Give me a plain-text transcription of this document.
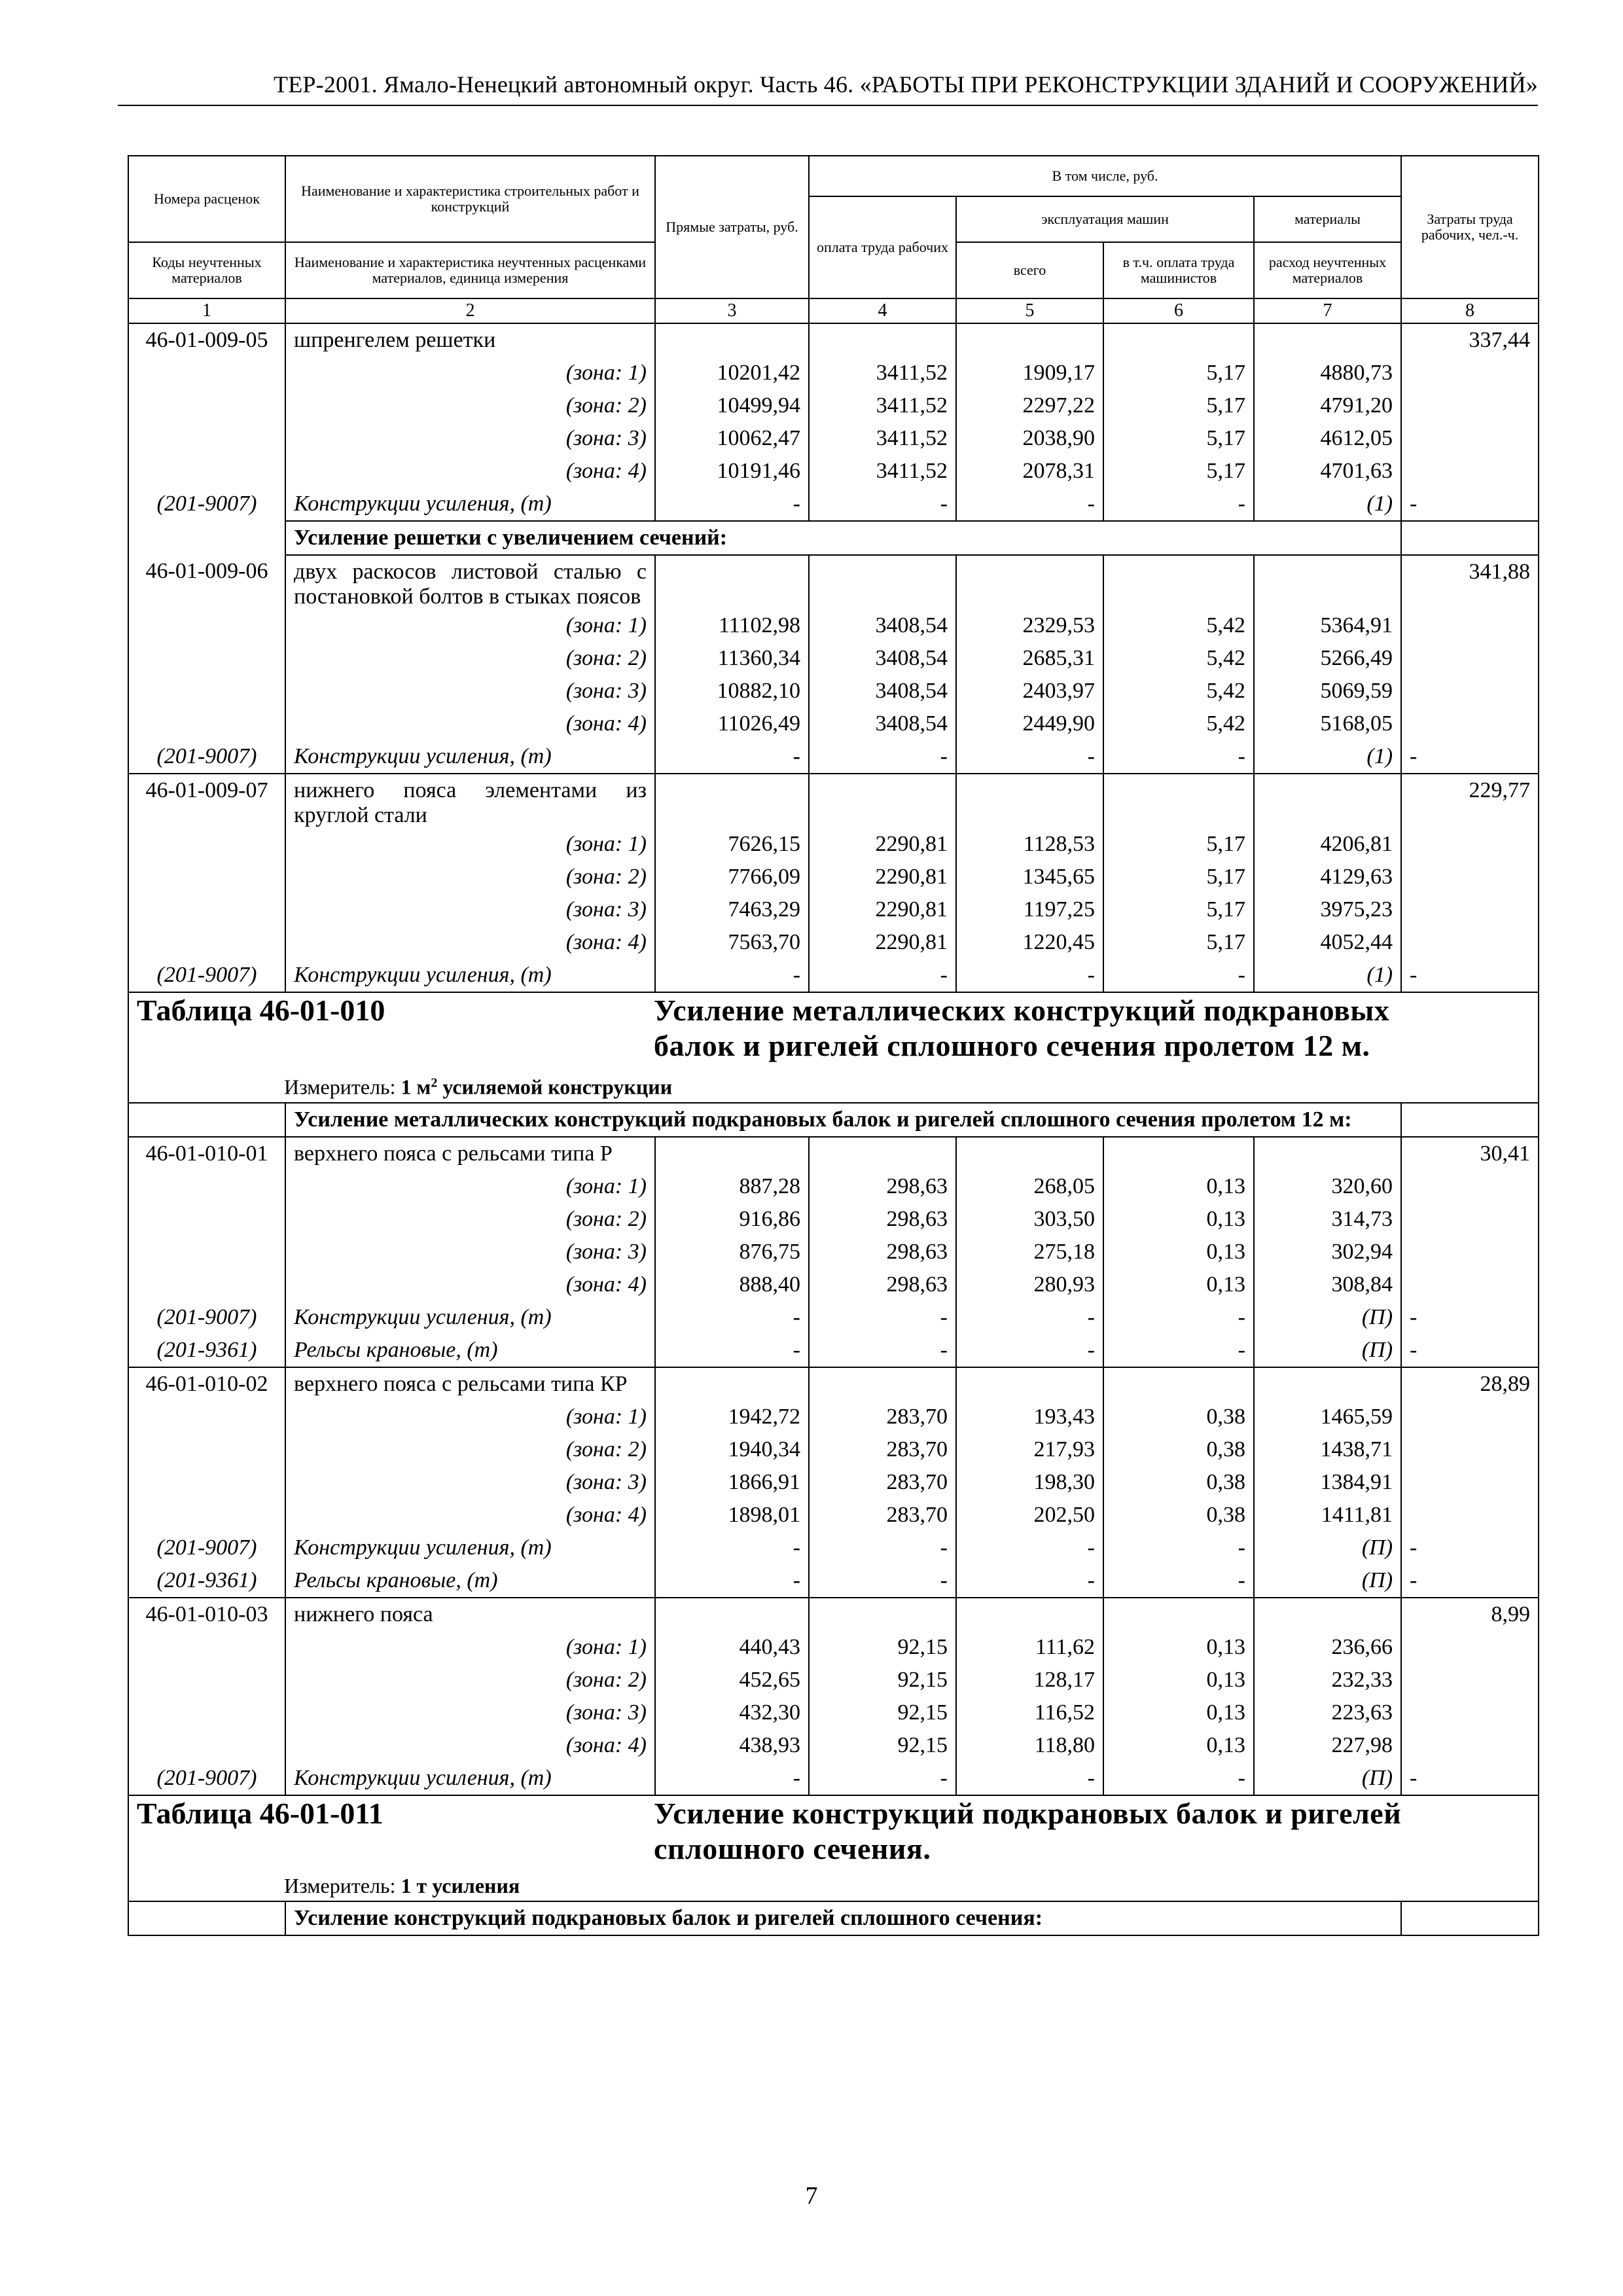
ТЕР-2001. Ямало-Ненецкий автономный округ. Часть 46. «РАБОТЫ ПРИ РЕКОНСТРУКЦИИ ЗДАНИЙ И СООРУЖЕНИЙ»
Номера расценок	Наименование и характеристика строительных работ и конструкций	Прямые затраты, руб.	В том числе, руб.				Затраты труда рабочих, чел.-ч.
			оплата труда рабочих	эксплуатация машин		материалы	
Коды неучтенных материалов	Наименование и характеристика неучтенных расценками материалов, единица измерения			всего	в т.ч. оплата труда машинистов	расход неучтенных материалов	
1	2	3	4	5	6	7	8
46-01-009-05	шпренгелем решетки						337,44
	(зона: 1)	10201,42	3411,52	1909,17	5,17	4880,73	
	(зона: 2)	10499,94	3411,52	2297,22	5,17	4791,20	
	(зона: 3)	10062,47	3411,52	2038,90	5,17	4612,05	
	(зона: 4)	10191,46	3411,52	2078,31	5,17	4701,63	
(201-9007)	Конструкции усиления, (т)	-	-	-	-	(1)	-
	Усиление решетки с увеличением сечений:						
46-01-009-06	двух раскосов листовой сталью с постановкой болтов в стыках поясов						341,88
	(зона: 1)	11102,98	3408,54	2329,53	5,42	5364,91	
	(зона: 2)	11360,34	3408,54	2685,31	5,42	5266,49	
	(зона: 3)	10882,10	3408,54	2403,97	5,42	5069,59	
	(зона: 4)	11026,49	3408,54	2449,90	5,42	5168,05	
(201-9007)	Конструкции усиления, (т)	-	-	-	-	(1)	-
46-01-009-07	нижнего пояса элементами из круглой стали						229,77
	(зона: 1)	7626,15	2290,81	1128,53	5,17	4206,81	
	(зона: 2)	7766,09	2290,81	1345,65	5,17	4129,63	
	(зона: 3)	7463,29	2290,81	1197,25	5,17	3975,23	
	(зона: 4)	7563,70	2290,81	1220,45	5,17	4052,44	
(201-9007)	Конструкции усиления, (т)	-	-	-	-	(1)	-

Таблица 46-01-010 Усиление металлических конструкций подкрановых балок и ригелей сплошного сечения пролетом 12 м.
Измеритель: 1 $м^2$ усиляемой конструкции							

	Усиление металлических конструкций подкрановых балок и ригелей сплошного сечения пролетом 12 м:						
46-01-010-01	верхнего пояса с рельсами типа Р						30,41
	(зона: 1)	887,28	298,63	268,05	0,13	320,60	
	(зона: 2)	916,86	298,63	303,50	0,13	314,73	
	(зона: 3)	876,75	298,63	275,18	0,13	302,94	
	(зона: 4)	888,40	298,63	280,93	0,13	308,84	
(201-9007)	Конструкции усиления, (т)	-	-	-	-	(П)	-
(201-9361)	Рельсы крановые, (т)	-	-	-	-	(П)	-
46-01-010-02	верхнего пояса с рельсами типа КР						28,89
	(зона: 1)	1942,72	283,70	193,43	0,38	1465,59	
	(зона: 2)	1940,34	283,70	217,93	0,38	1438,71	
	(зона: 3)	1866,91	283,70	198,30	0,38	1384,91	
	(зона: 4)	1898,01	283,70	202,50	0,38	1411,81	
(201-9007)	Конструкции усиления, (т)	-	-	-	-	(П)	-
(201-9361)	Рельсы крановые, (т)	-	-	-	-	(П)	-
46-01-010-03	нижнего пояса						8,99
	(зона: 1)	440,43	92,15	111,62	0,13	236,66	
	(зона: 2)	452,65	92,15	128,17	0,13	232,33	
	(зона: 3)	432,30	92,15	116,52	0,13	223,63	
	(зона: 4)	438,93	92,15	118,80	0,13	227,98	
(201-9007)	Конструкции усиления, (т)	-	-	-	-	(П)	-

Таблица 46-01-011 Усиление конструкций подкрановых балок и ригелей сплошного сечения.
Измеритель: 1 т усиления							

	Усиление конструкций подкрановых балок и ригелей сплошного сечения:						
7
